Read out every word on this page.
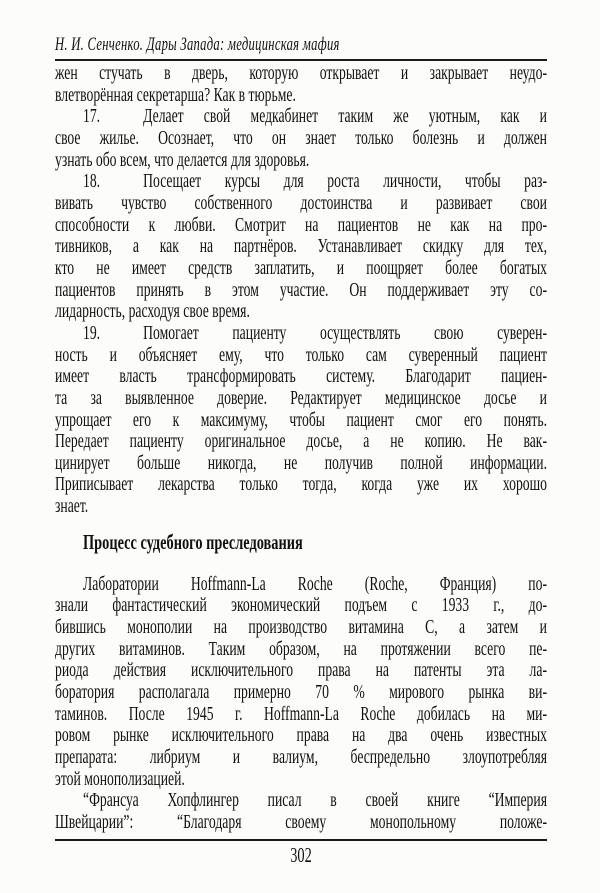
Н. И. Сенченко. Дары Запада: медицинская мафия
жен стучать в дверь, которую открывает и закрывает неудо-
влетворённая секретарша? Как в тюрьме.
17. Делает свой медкабинет таким же уютным, как и
свое жилье. Осознает, что он знает только болезнь и должен
узнать обо всем, что делается для здоровья.
18. Посещает курсы для роста личности, чтобы раз-
вивать чувство собственного достоинства и развивает свои
способности к любви. Смотрит на пациентов не как на про-
тивников, а как на партнёров. Устанавливает скидку для тех,
кто не имеет средств заплатить, и поощряет более богатых
пациентов принять в этом участие. Он поддерживает эту со-
лидарность, расходуя свое время.
19. Помогает пациенту осуществлять свою суверен-
ность и объясняет ему, что только сам суверенный пациент
имеет власть трансформировать систему. Благодарит пациен-
та за выявленное доверие. Редактирует медицинское досье и
упрощает его к максимуму, чтобы пациент смог его понять.
Передает пациенту оригинальное досье, а не копию. Не вак-
цинирует больше никогда, не получив полной информации.
Приписывает лекарства только тогда, когда уже их хорошо
знает.
Процесс судебного преследования
Лаборатории Hoffmann-La Roche (Roche, Франция) по-
знали фантастический экономический подъем с 1933 г., до-
бившись монополии на производство витамина С, а затем и
других витаминов. Таким образом, на протяжении всего пе-
риода действия исключительного права на патенты эта ла-
боратория располагала примерно 70 % мирового рынка ви-
таминов. После 1945 г. Hoffmann-La Roche добилась на ми-
ровом рынке исключительного права на два очень известных
препарата: либриум и валиум, беспредельно злоупотребляя
этой монополизацией.
“Франсуа Хопфлингер писал в своей книге “Империя
Швейцарии”: “Благодаря своему монопольному положе-
302
